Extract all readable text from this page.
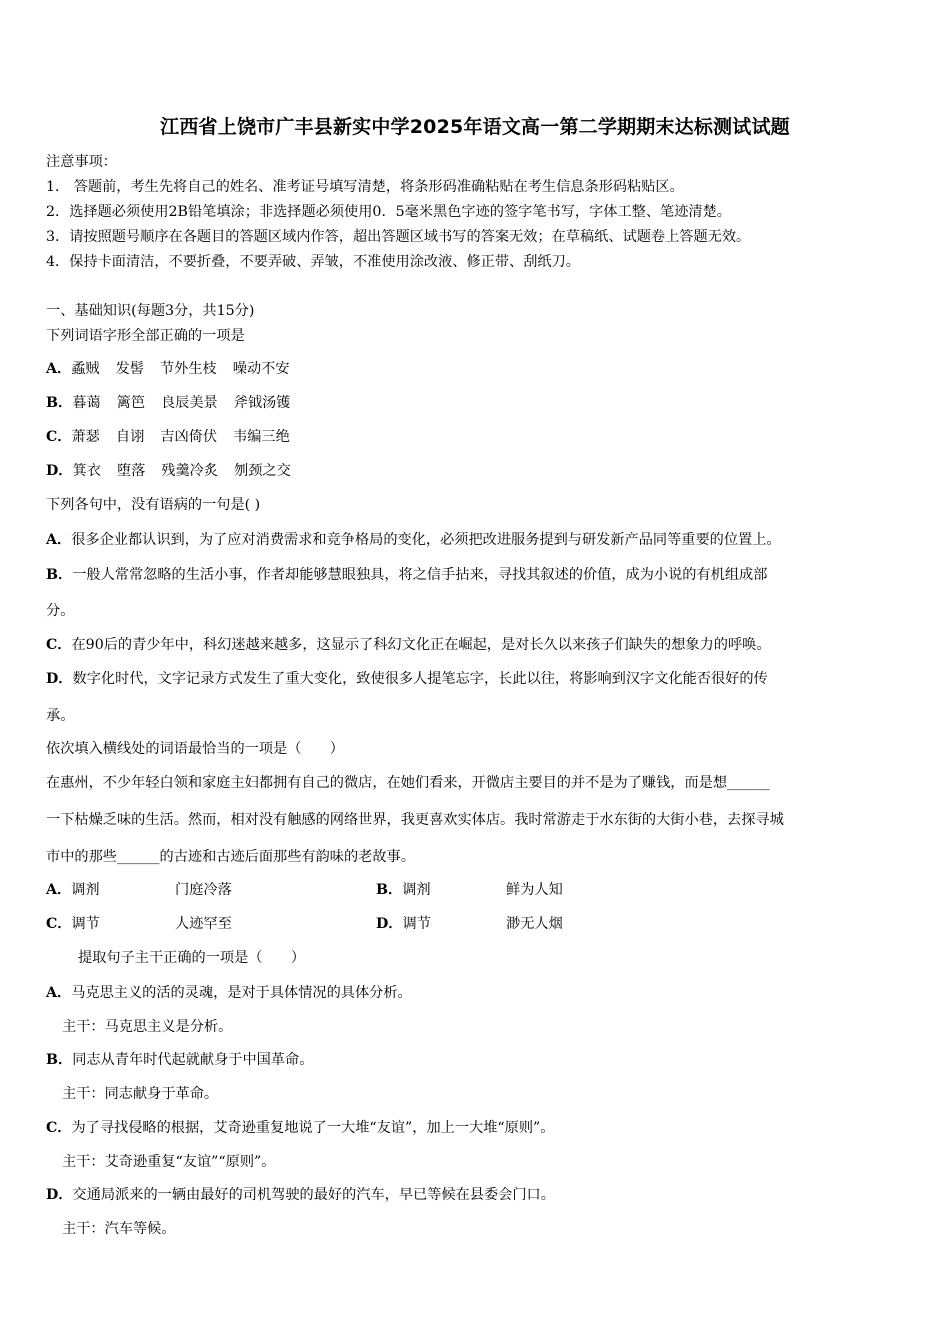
江西省上饶市广丰县新实中学2025年语文高一第二学期期末达标测试试题
注意事项：
1． 答题前，考生先将自己的姓名、准考证号填写清楚，将条形码准确粘贴在考生信息条形码粘贴区。
2．选择题必须使用2B铅笔填涂；非选择题必须使用0．5毫米黑色字迹的签字笔书写，字体工整、笔迹清楚。
3．请按照题号顺序在各题目的答题区域内作答，超出答题区域书写的答案无效；在草稿纸、试题卷上答题无效。
4．保持卡面清洁，不要折叠，不要弄破、弄皱，不准使用涂改液、修正带、刮纸刀。
一、基础知识(每题3分，共15分)
下列词语字形全部正确的一项是
A．蟊贼 发髻 节外生枝 噪动不安
B．暮蔼 篱笆 良辰美景 斧钺汤镬
C．萧瑟 自诩 吉凶倚伏 韦编三绝
D．箕衣 堕落 残羹冷炙 刎颈之交
下列各句中，没有语病的一句是( )
A．很多企业都认识到，为了应对消费需求和竞争格局的变化，必须把改进服务提到与研发新产品同等重要的位置上。
B．一般人常常忽略的生活小事，作者却能够慧眼独具，将之信手拈来，寻找其叙述的价值，成为小说的有机组成部
分。
C．在90后的青少年中，科幻迷越来越多，这显示了科幻文化正在崛起，是对长久以来孩子们缺失的想象力的呼唤。
D．数字化时代，文字记录方式发生了重大变化，致使很多人提笔忘字，长此以往，将影响到汉字文化能否很好的传
承。
依次填入横线处的词语最恰当的一项是（　　）
在惠州，不少年轻白领和家庭主妇都拥有自己的微店，在她们看来，开微店主要目的并不是为了赚钱，而是想______
一下枯燥乏味的生活。然而，相对没有触感的网络世界，我更喜欢实体店。我时常游走于水东街的大街小巷，去探寻城
市中的那些______的古迹和古迹后面那些有韵味的老故事。
A．调剂	门庭冷落	B．调剂	鲜为人知
C．调节	人迹罕至	D．调节	渺无人烟
提取句子主干正确的一项是（　　）
A．马克思主义的活的灵魂，是对于具体情况的具体分析。
主干：马克思主义是分析。
B．同志从青年时代起就献身于中国革命。
主干：同志献身于革命。
C．为了寻找侵略的根据，艾奇逊重复地说了一大堆“友谊”，加上一大堆“原则”。
主干：艾奇逊重复“友谊”“原则”。
D．交通局派来的一辆由最好的司机驾驶的最好的汽车，早已等候在县委会门口。
主干：汽车等候。
